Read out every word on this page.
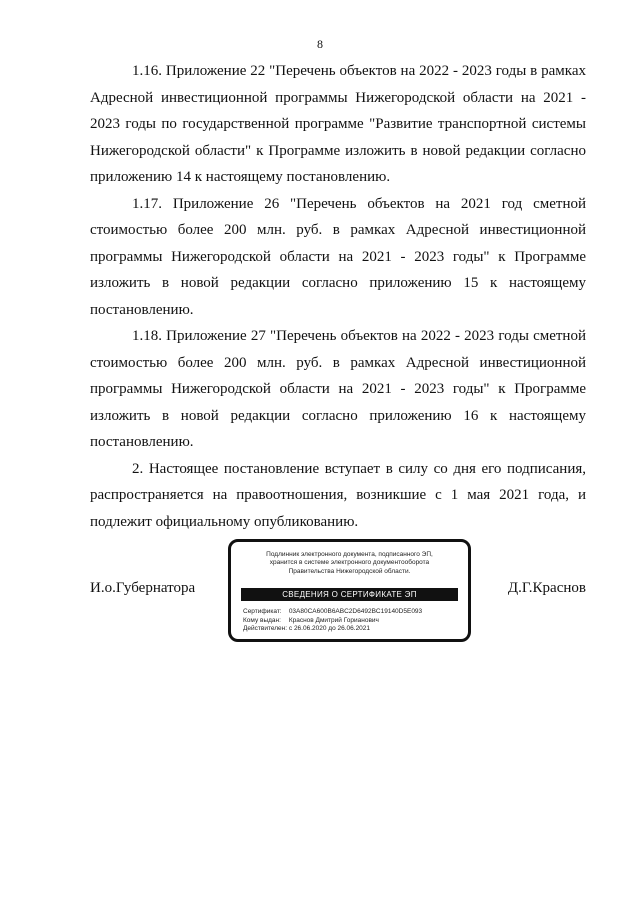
8

1.16. Приложение 22 "Перечень объектов на 2022 - 2023 годы в рамках Адресной инвестиционной программы Нижегородской области на 2021 - 2023 годы по государственной программе "Развитие транспортной системы Нижегородской области" к Программе изложить в новой редакции согласно приложению 14 к настоящему постановлению.

1.17. Приложение 26 "Перечень объектов на 2021 год сметной стоимостью более 200 млн. руб. в рамках Адресной инвестиционной программы Нижегородской области на 2021 - 2023 годы" к Программе изложить в новой редакции согласно приложению 15 к настоящему постановлению.

1.18. Приложение 27 "Перечень объектов на 2022 - 2023 годы сметной стоимостью более 200 млн. руб. в рамках Адресной инвестиционной программы Нижегородской области на 2021 - 2023 годы" к Программе изложить в новой редакции согласно приложению 16 к настоящему постановлению.

2. Настоящее постановление вступает в силу со дня его подписания, распространяется на правоотношения, возникшие с 1 мая 2021 года, и подлежит официальному опубликованию.

И.о.Губернатора	Д.Г.Краснов
Подлинник электронного документа, подписанного ЭП,
хранится в системе электронного документооборота
Правительства Нижегородской области.
СВЕДЕНИЯ О СЕРТИФИКАТЕ ЭП
Сертификат: 03A80CA600B6ABC2D6492BC19140D5E093
Кому выдан: Краснов Дмитрий Горианович
Действителен: с 26.06.2020 до 26.06.2021
